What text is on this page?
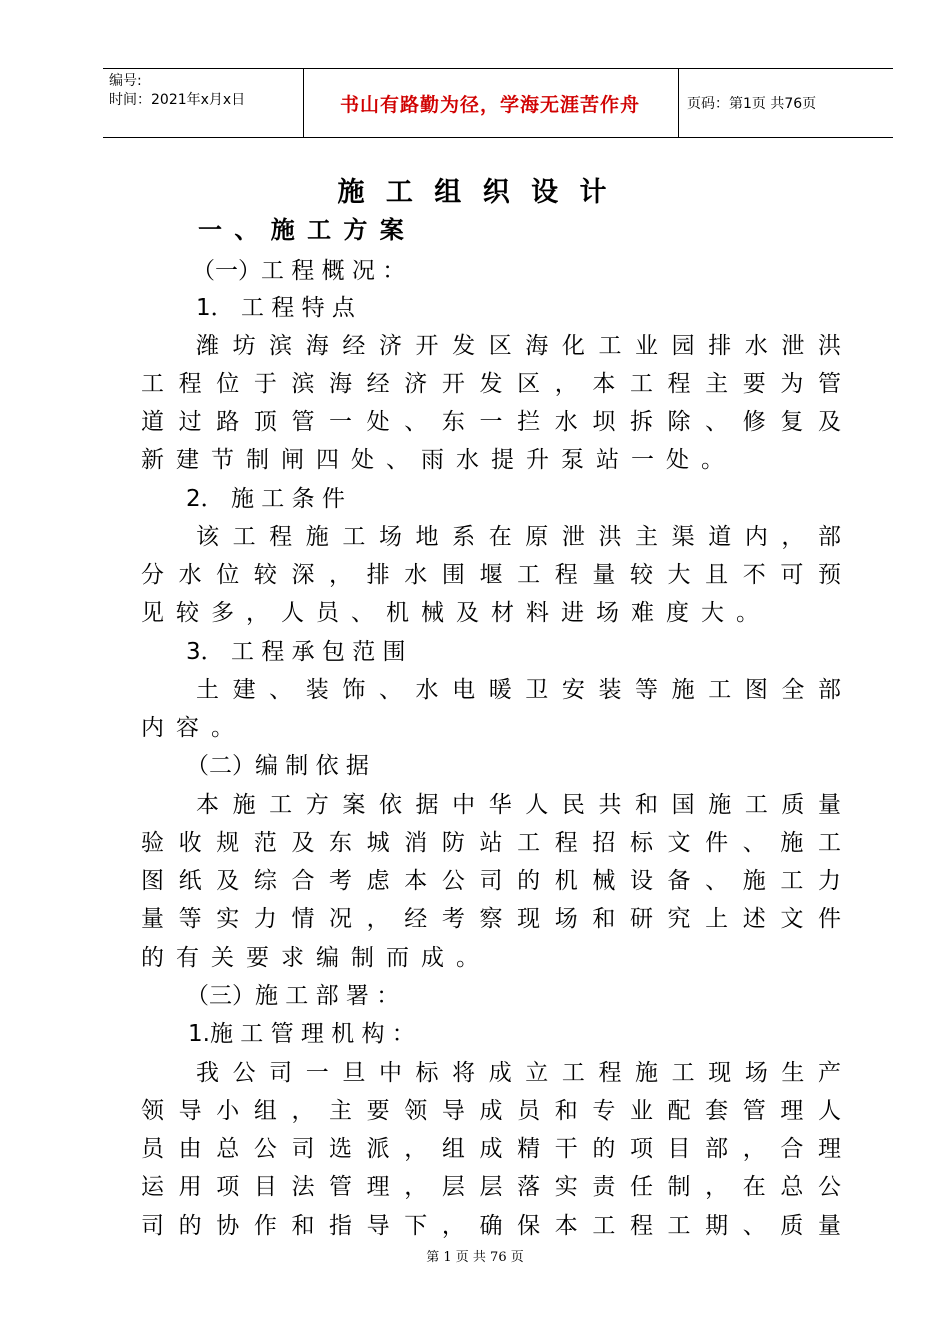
编号:
时间：2021年x月x日	书山有路勤为径，学海无涯苦作舟	页码：第1页 共76页
施 工 组 织 设 计
一 、 施 工 方 案
（一）工 程 概 况 ：
1． 工 程 特 点
潍坊滨海经济开发区海化工业园排水泄洪
工程位于滨海经济开发区，本工程主要为管
道过路顶管一处、东一拦水坝拆除、修复及
新建节制闸四处、雨水提升泵站一处。
2． 施 工 条 件
该工程施工场地系在原泄洪主渠道内，部
分水位较深，排水围堰工程量较大且不可预
见较多，人员、机械及材料进场难度大。
3． 工 程 承 包 范 围
土建、装饰、水电暖卫安装等施工图全部
内容。
（二）编 制 依 据
本施工方案依据中华人民共和国施工质量
验收规范及东城消防站工程招标文件、施工
图纸及综合考虑本公司的机械设备、施工力
量等实力情况，经考察现场和研究上述文件
的有关要求编制而成。
（三）施 工 部 署 ：
1.施 工 管 理 机 构 ：
我公司一旦中标将成立工程施工现场生产
领导小组，主要领导成员和专业配套管理人
员由总公司选派，组成精干的项目部，合理
运用项目法管理，层层落实责任制，在总公
司的协作和指导下，确保本工程工期、质量
第 1 页 共 76 页
